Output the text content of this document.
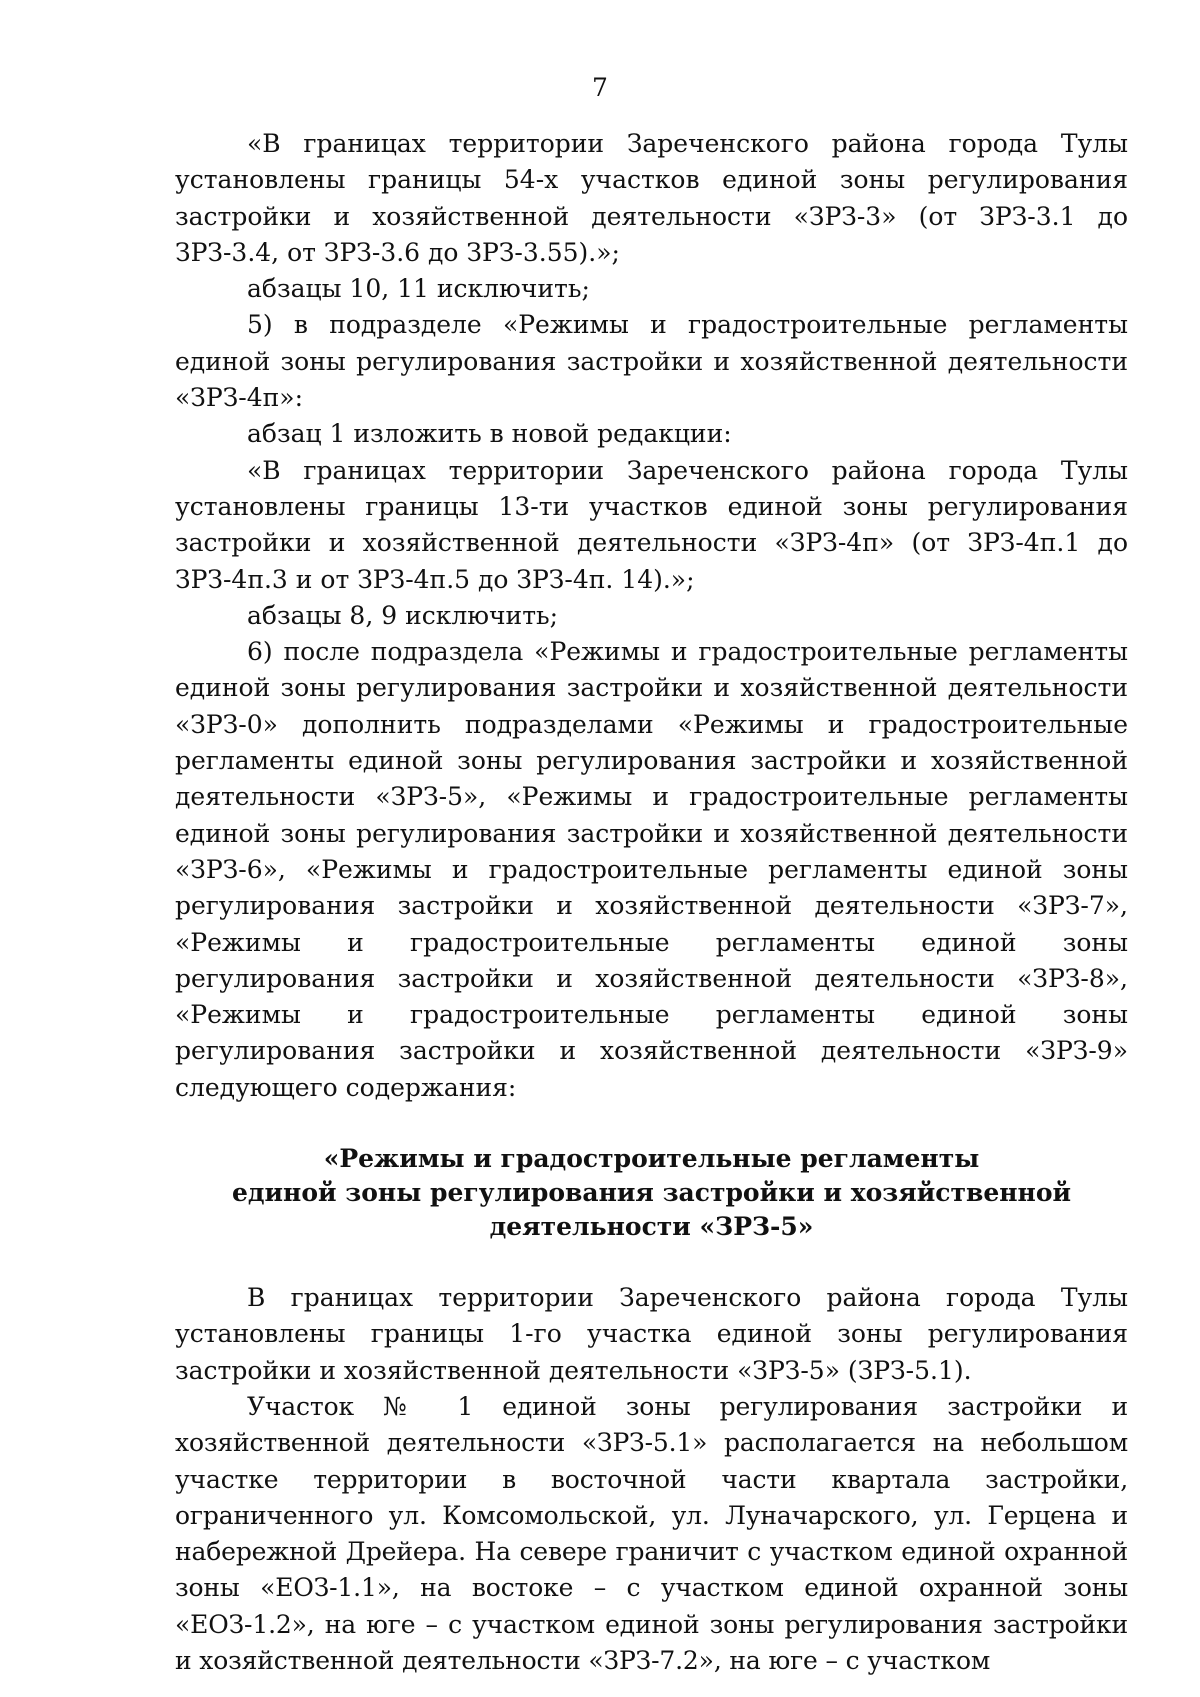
7

«В границах территории Зареченского района города Тулы установлены границы 54-х участков единой зоны регулирования застройки и хозяйственной деятельности «ЗРЗ-3» (от ЗРЗ-3.1 до ЗРЗ-3.4, от ЗРЗ-3.6 до ЗРЗ-3.55).»;

абзацы 10, 11 исключить;

5) в подразделе «Режимы и градостроительные регламенты единой зоны регулирования застройки и хозяйственной деятельности «ЗРЗ-4п»:

абзац 1 изложить в новой редакции:

«В границах территории Зареченского района города Тулы установлены границы 13-ти участков единой зоны регулирования застройки и хозяйственной деятельности «ЗРЗ-4п» (от ЗРЗ-4п.1 до ЗРЗ-4п.3 и от ЗРЗ-4п.5 до ЗРЗ-4п. 14).»;

абзацы 8, 9 исключить;

6) после подраздела «Режимы и градостроительные регламенты единой зоны регулирования застройки и хозяйственной деятельности «ЗРЗ-0» дополнить подразделами «Режимы и градостроительные регламенты единой зоны регулирования застройки и хозяйственной деятельности «ЗРЗ-5», «Режимы и градостроительные регламенты единой зоны регулирования застройки и хозяйственной деятельности «ЗРЗ-6», «Режимы и градостроительные регламенты единой зоны регулирования застройки и хозяйственной деятельности «ЗРЗ-7», «Режимы и градостроительные регламенты единой зоны регулирования застройки и хозяйственной деятельности «ЗРЗ-8», «Режимы и градостроительные регламенты единой зоны регулирования застройки и хозяйственной деятельности «ЗРЗ-9» следующего содержания:

«Режимы и градостроительные регламенты
единой зоны регулирования застройки и хозяйственной
деятельности «ЗРЗ-5»

В границах территории Зареченского района города Тулы установлены границы 1-го участка единой зоны регулирования застройки и хозяйственной деятельности «ЗРЗ-5» (ЗРЗ-5.1).

Участок № 1 единой зоны регулирования застройки и хозяйственной деятельности «ЗРЗ-5.1» располагается на небольшом участке территории в восточной части квартала застройки, ограниченного ул. Комсомольской, ул. Луначарского, ул. Герцена и набережной Дрейера. На севере граничит с участком единой охранной зоны «ЕОЗ-1.1», на востоке – с участком единой охранной зоны «ЕОЗ-1.2», на юге – с участком единой зоны регулирования застройки и хозяйственной деятельности «ЗРЗ-7.2», на юге – с участком
